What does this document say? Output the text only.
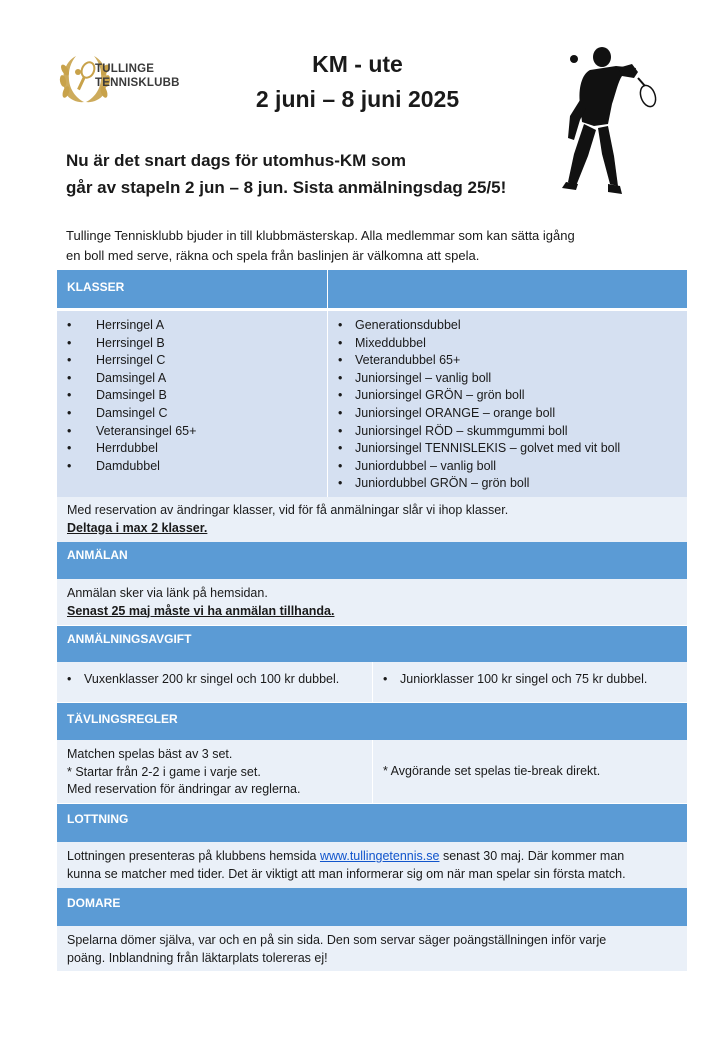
TULLINGE
TENNISKLUBB
KM - ute
2 juni – 8 juni 2025
Nu är det snart dags för utomhus-KM som
går av stapeln 2 jun – 8 jun. Sista anmälningsdag 25/5!
Tullinge Tennisklubb bjuder in till klubbmästerskap. Alla medlemmar som kan sätta igång
en boll med serve, räkna och spela från baslinjen är välkomna att spela.
KLASSER
• Herrsingel A
• Herrsingel B
• Herrsingel C
• Damsingel A
• Damsingel B
• Damsingel C
• Veteransingel 65+
• Herrdubbel
• Damdubbel
• Generationsdubbel
• Mixeddubbel
• Veterandubbel 65+
• Juniorsingel – vanlig boll
• Juniorsingel GRÖN – grön boll
• Juniorsingel ORANGE – orange boll
• Juniorsingel RÖD – skummgummi boll
• Juniorsingel TENNISLEKIS – golvet med vit boll
• Juniordubbel – vanlig boll
• Juniordubbel GRÖN – grön boll
Med reservation av ändringar klasser, vid för få anmälningar slår vi ihop klasser.
Deltaga i max 2 klasser.
ANMÄLAN
Anmälan sker via länk på hemsidan.
Senast 25 maj måste vi ha anmälan tillhanda.
ANMÄLNINGSAVGIFT
• Vuxenklasser 200 kr singel och 100 kr dubbel.
•	Juniorklasser 100 kr singel och 75 kr dubbel.
TÄVLINGSREGLER
Matchen spelas bäst av 3 set.
* Startar från 2-2 i game i varje set.
Med reservation för ändringar av reglerna.
* Avgörande set spelas tie-break direkt.
LOTTNING
Lottningen presenteras på klubbens hemsida www.tullingetennis.se senast 30 maj. Där kommer man
kunna se matcher med tider. Det är viktigt att man informerar sig om när man spelar sin första match.
DOMARE
Spelarna dömer själva, var och en på sin sida. Den som servar säger poängställningen inför varje
poäng. Inblandning från läktarplats tolereras ej!
